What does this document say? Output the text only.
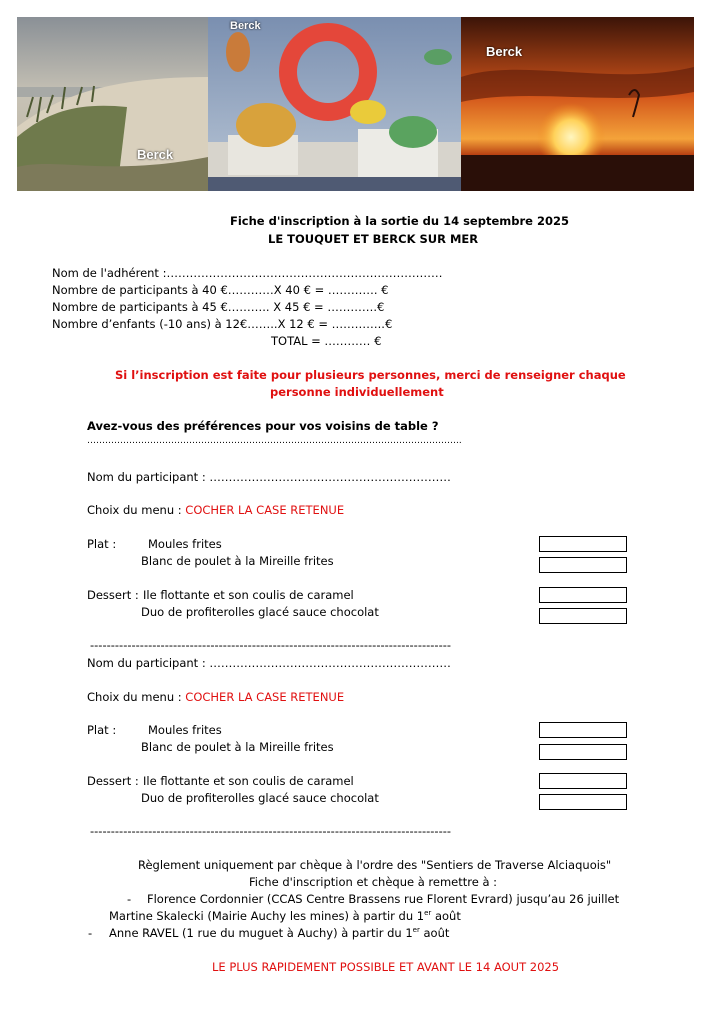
Berck
Berck
Berck
Fiche d'inscription à la sortie du 14 septembre 2025
LE TOUQUET ET BERCK SUR MER
Nom de l'adhérent :………………………………………………………………
Nombre de participants à 40 €…………X 40 € = …………. €
Nombre de participants à 45 €……….. X 45 € = ………….€
Nombre d’enfants (-10 ans) à 12€……..X 12 € = …………..€
TOTAL = ………… €
Si l’inscription est faite pour plusieurs personnes, merci de renseigner chaque
personne individuellement
Avez-vous des préférences pour vos voisins de table ?
……………………………………………………………………………………………………………..
Nom du participant : ………………………………………………………
Choix du menu : COCHER LA CASE RETENUE
Plat :	Moules frites
Blanc de poulet à la Mireille frites
Dessert : Ile flottante et son coulis de caramel
Duo de profiterolles glacé sauce chocolat
---------------------------------------------------------------------------------------
Nom du participant : ………………………………………………………
Choix du menu : COCHER LA CASE RETENUE
Plat :	Moules frites
Blanc de poulet à la Mireille frites
Dessert : Ile flottante et son coulis de caramel
Duo de profiterolles glacé sauce chocolat
---------------------------------------------------------------------------------------
Règlement uniquement par chèque à l'ordre des "Sentiers de Traverse Alciaquois"
Fiche d'inscription et chèque à remettre à :
- Florence Cordonnier (CCAS Centre Brassens rue Florent Evrard) jusqu’au 26 juillet
Martine Skalecki (Mairie Auchy les mines) à partir du 1er août
- Anne RAVEL (1 rue du muguet à Auchy) à partir du 1er août
LE PLUS RAPIDEMENT POSSIBLE ET AVANT LE 14 AOUT 2025
